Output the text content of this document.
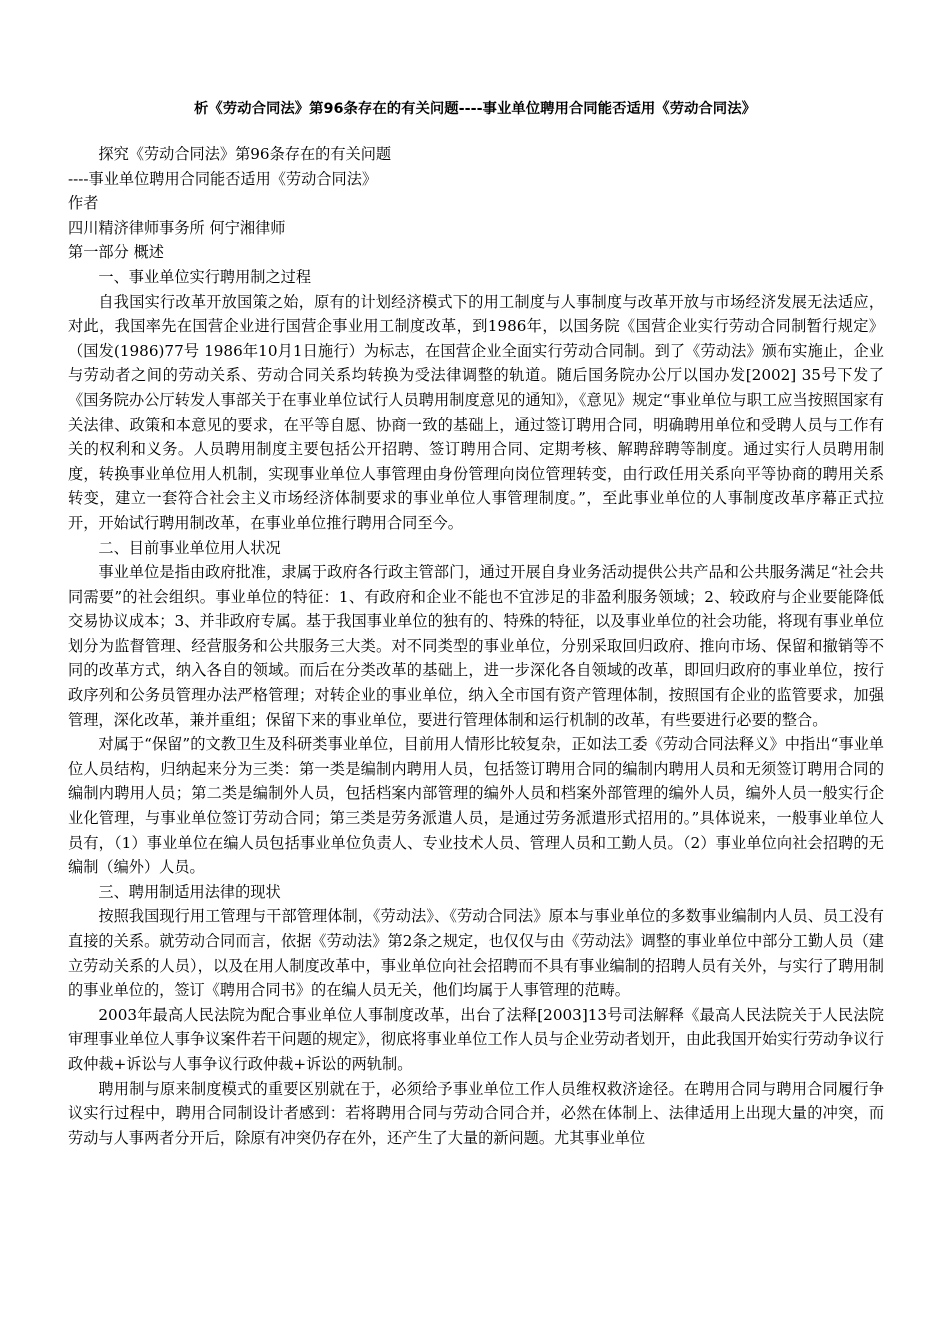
析《劳动合同法》第96条存在的有关问题----事业单位聘用合同能否适用《劳动合同法》

探究《劳动合同法》第96条存在的有关问题

----事业单位聘用合同能否适用《劳动合同法》

作者

四川精济律师事务所 何宁湘律师

第一部分 概述

一、事业单位实行聘用制之过程

自我国实行改革开放国策之始，原有的计划经济模式下的用工制度与人事制度与改革开放与市场经济发展无法适应，对此，我国率先在国营企业进行国营企事业用工制度改革，到1986年，以国务院《国营企业实行劳动合同制暂行规定》（国发(1986)77号 1986年10月1日施行）为标志，在国营企业全面实行劳动合同制。到了《劳动法》颁布实施止，企业与劳动者之间的劳动关系、劳动合同关系均转换为受法律调整的轨道。随后国务院办公厅以国办发[2002] 35号下发了《国务院办公厅转发人事部关于在事业单位试行人员聘用制度意见的通知》，《意见》规定“事业单位与职工应当按照国家有关法律、政策和本意见的要求，在平等自愿、协商一致的基础上，通过签订聘用合同，明确聘用单位和受聘人员与工作有关的权利和义务。人员聘用制度主要包括公开招聘、签订聘用合同、定期考核、解聘辞聘等制度。通过实行人员聘用制度，转换事业单位用人机制，实现事业单位人事管理由身份管理向岗位管理转变，由行政任用关系向平等协商的聘用关系转变，建立一套符合社会主义市场经济体制要求的事业单位人事管理制度。”，至此事业单位的人事制度改革序幕正式拉开，开始试行聘用制改革，在事业单位推行聘用合同至今。

二、目前事业单位用人状况

事业单位是指由政府批准，隶属于政府各行政主管部门，通过开展自身业务活动提供公共产品和公共服务满足“社会共同需要”的社会组织。事业单位的特征：1、有政府和企业不能也不宜涉足的非盈利服务领域；2、较政府与企业要能降低交易协议成本；3、并非政府专属。基于我国事业单位的独有的、特殊的特征，以及事业单位的社会功能，将现有事业单位划分为监督管理、经营服务和公共服务三大类。对不同类型的事业单位，分别采取回归政府、推向市场、保留和撤销等不同的改革方式，纳入各自的领域。而后在分类改革的基础上，进一步深化各自领域的改革，即回归政府的事业单位，按行政序列和公务员管理办法严格管理；对转企业的事业单位，纳入全市国有资产管理体制，按照国有企业的监管要求，加强管理，深化改革，兼并重组；保留下来的事业单位，要进行管理体制和运行机制的改革，有些要进行必要的整合。

对属于“保留”的文教卫生及科研类事业单位，目前用人情形比较复杂，正如法工委《劳动合同法释义》中指出“事业单位人员结构，归纳起来分为三类：第一类是编制内聘用人员，包括签订聘用合同的编制内聘用人员和无须签订聘用合同的编制内聘用人员；第二类是编制外人员，包括档案内部管理的编外人员和档案外部管理的编外人员，编外人员一般实行企业化管理，与事业单位签订劳动合同；第三类是劳务派遣人员，是通过劳务派遣形式招用的。”具体说来，一般事业单位人员有，（1）事业单位在编人员包括事业单位负责人、专业技术人员、管理人员和工勤人员。（2）事业单位向社会招聘的无编制（编外）人员。

三、聘用制适用法律的现状

按照我国现行用工管理与干部管理体制，《劳动法》、《劳动合同法》原本与事业单位的多数事业编制内人员、员工没有直接的关系。就劳动合同而言，依据《劳动法》第2条之规定，也仅仅与由《劳动法》调整的事业单位中部分工勤人员（建立劳动关系的人员），以及在用人制度改革中，事业单位向社会招聘而不具有事业编制的招聘人员有关外，与实行了聘用制的事业单位的，签订《聘用合同书》的在编人员无关，他们均属于人事管理的范畴。

2003年最高人民法院为配合事业单位人事制度改革，出台了法释[2003]13号司法解释《最高人民法院关于人民法院审理事业单位人事争议案件若干问题的规定》，彻底将事业单位工作人员与企业劳动者划开，由此我国开始实行劳动争议行政仲裁+诉讼与人事争议行政仲裁+诉讼的两轨制。

聘用制与原来制度模式的重要区别就在于，必须给予事业单位工作人员维权救济途径。在聘用合同与聘用合同履行争议实行过程中，聘用合同制设计者感到：若将聘用合同与劳动合同合并，必然在体制上、法律适用上出现大量的冲突，而劳动与人事两者分开后，除原有冲突仍存在外，还产生了大量的新问题。尤其事业单位
